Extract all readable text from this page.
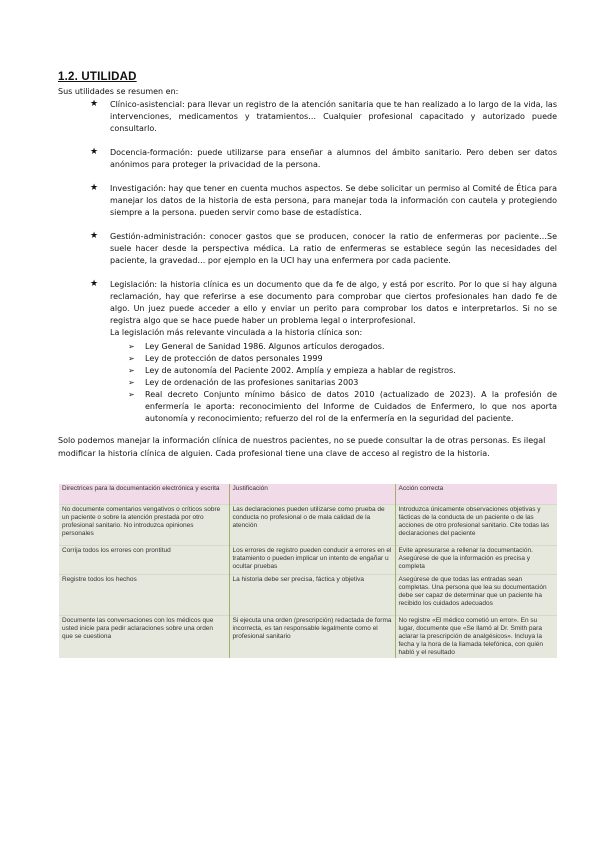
1.2. UTILIDAD

Sus utilidades se resumen en:

★ Clínico-asistencial: para llevar un registro de la atención sanitaria que te han realizado a lo largo de la vida, las intervenciones, medicamentos y tratamientos… Cualquier profesional capacitado y autorizado puede consultarlo.

★ Docencia-formación: puede utilizarse para enseñar a alumnos del ámbito sanitario. Pero deben ser datos anónimos para proteger la privacidad de la persona.

★ Investigación: hay que tener en cuenta muchos aspectos. Se debe solicitar un permiso al Comité de Ética para manejar los datos de la historia de esta persona, para manejar toda la información con cautela y protegiendo siempre a la persona. pueden servir como base de estadística.

★ Gestión-administración: conocer gastos que se producen, conocer la ratio de enfermeras por paciente…Se suele hacer desde la perspectiva médica. La ratio de enfermeras se establece según las necesidades del paciente, la gravedad… por ejemplo en la UCI hay una enfermera por cada paciente.

★ Legislación: la historia clínica es un documento que da fe de algo, y está por escrito. Por lo que si hay alguna reclamación, hay que referirse a ese documento para comprobar que ciertos profesionales han dado fe de algo. Un juez puede acceder a ello y enviar un perito para comprobar los datos e interpretarlos. Si no se registra algo que se hace puede haber un problema legal o interprofesional.

La legislación más relevante vinculada a la historia clínica son:

➢ Ley General de Sanidad 1986. Algunos artículos derogados.

➢ Ley de protección de datos personales 1999

➢ Ley de autonomía del Paciente 2002. Amplía y empieza a hablar de registros.

➢ Ley de ordenación de las profesiones sanitarias 2003

➢ Real decreto Conjunto mínimo básico de datos 2010 (actualizado de 2023). A la profesión de enfermería le aporta: reconocimiento del Informe de Cuidados de Enfermero, lo que nos aporta autonomía y reconocimiento; refuerzo del rol de la enfermería en la seguridad del paciente.

Solo podemos manejar la información clínica de nuestros pacientes, no se puede consultar la de otras personas. Es ilegal modificar la historia clínica de alguien. Cada profesional tiene una clave de acceso al registro de la historia.

Directrices para la documentación electrónica y escrita	Justificación	Acción correcta
No documente comentarios vengativos o críticos sobre un paciente o sobre la atención prestada por otro profesional sanitario. No introduzca opiniones personales	Las declaraciones pueden utilizarse como prueba de conducta no profesional o de mala calidad de la atención	Introduzca únicamente observaciones objetivas y fácticas de la conducta de un paciente o de las acciones de otro profesional sanitario. Cite todas las declaraciones del paciente
Corrija todos los errores con prontitud	Los errores de registro pueden conducir a errores en el tratamiento o pueden implicar un intento de engañar u ocultar pruebas	Evite apresurarse a rellenar la documentación. Asegúrese de que la información es precisa y completa
Registre todos los hechos	La historia debe ser precisa, fáctica y objetiva	Asegúrese de que todas las entradas sean completas. Una persona que lea su documentación debe ser capaz de determinar que un paciente ha recibido los cuidados adecuados
Documente las conversaciones con los médicos que usted inicie para pedir aclaraciones sobre una orden que se cuestiona	Si ejecuta una orden (prescripción) redactada de forma incorrecta, es tan responsable legalmente como el profesional sanitario	No registre «El médico cometió un error». En su lugar, documente que «Se llamó al Dr. Smith para aclarar la prescripción de analgésicos». Incluya la fecha y la hora de la llamada telefónica, con quién habló y el resultado
